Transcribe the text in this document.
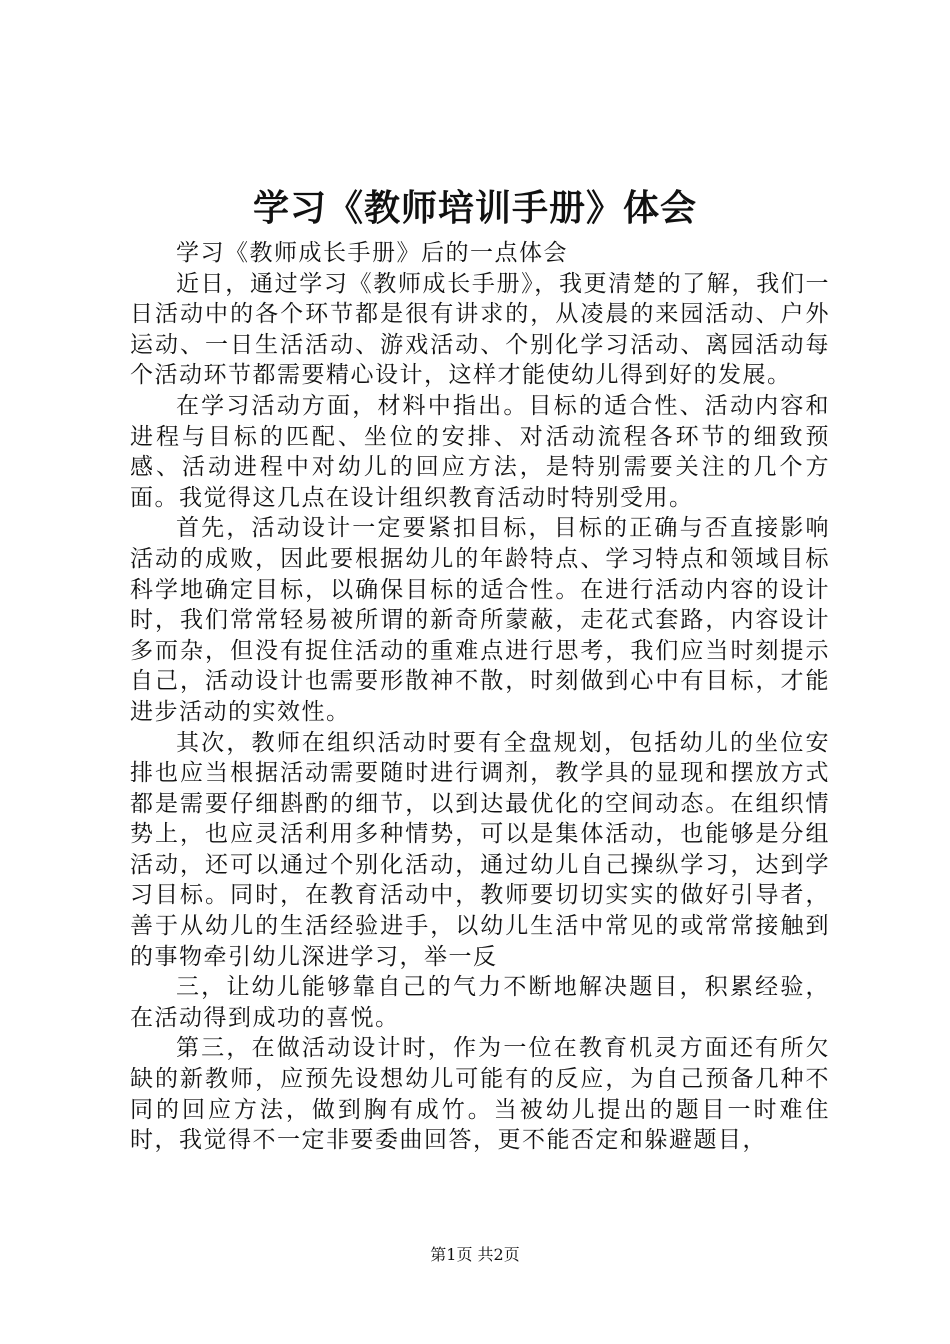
学习《教师培训手册》体会

学习《教师成长手册》后的一点体会

近日，通过学习《教师成长手册》，我更清楚的了解，我们一日活动中的各个环节都是很有讲求的，从凌晨的来园活动、户外运动、一日生活活动、游戏活动、个别化学习活动、离园活动每个活动环节都需要精心设计，这样才能使幼儿得到好的发展。

在学习活动方面，材料中指出。目标的适合性、活动内容和进程与目标的匹配、坐位的安排、对活动流程各环节的细致预感、活动进程中对幼儿的回应方法，是特别需要关注的几个方面。我觉得这几点在设计组织教育活动时特别受用。

首先，活动设计一定要紧扣目标，目标的正确与否直接影响活动的成败，因此要根据幼儿的年龄特点、学习特点和领域目标科学地确定目标，以确保目标的适合性。在进行活动内容的设计时，我们常常轻易被所谓的新奇所蒙蔽，走花式套路，内容设计多而杂，但没有捉住活动的重难点进行思考，我们应当时刻提示自己，活动设计也需要形散神不散，时刻做到心中有目标，才能进步活动的实效性。

其次，教师在组织活动时要有全盘规划，包括幼儿的坐位安排也应当根据活动需要随时进行调剂，教学具的显现和摆放方式都是需要仔细斟酌的细节，以到达最优化的空间动态。在组织情势上，也应灵活利用多种情势，可以是集体活动，也能够是分组活动，还可以通过个别化活动，通过幼儿自己操纵学习，达到学习目标。同时，在教育活动中，教师要切切实实的做好引导者，善于从幼儿的生活经验进手，以幼儿生活中常见的或常常接触到的事物牵引幼儿深进学习，举一反

三，让幼儿能够靠自己的气力不断地解决题目，积累经验，在活动得到成功的喜悦。

第三，在做活动设计时，作为一位在教育机灵方面还有所欠缺的新教师，应预先设想幼儿可能有的反应，为自己预备几种不同的回应方法，做到胸有成竹。当被幼儿提出的题目一时难住时，我觉得不一定非要委曲回答，更不能否定和躲避题目，

第1页 共2页
